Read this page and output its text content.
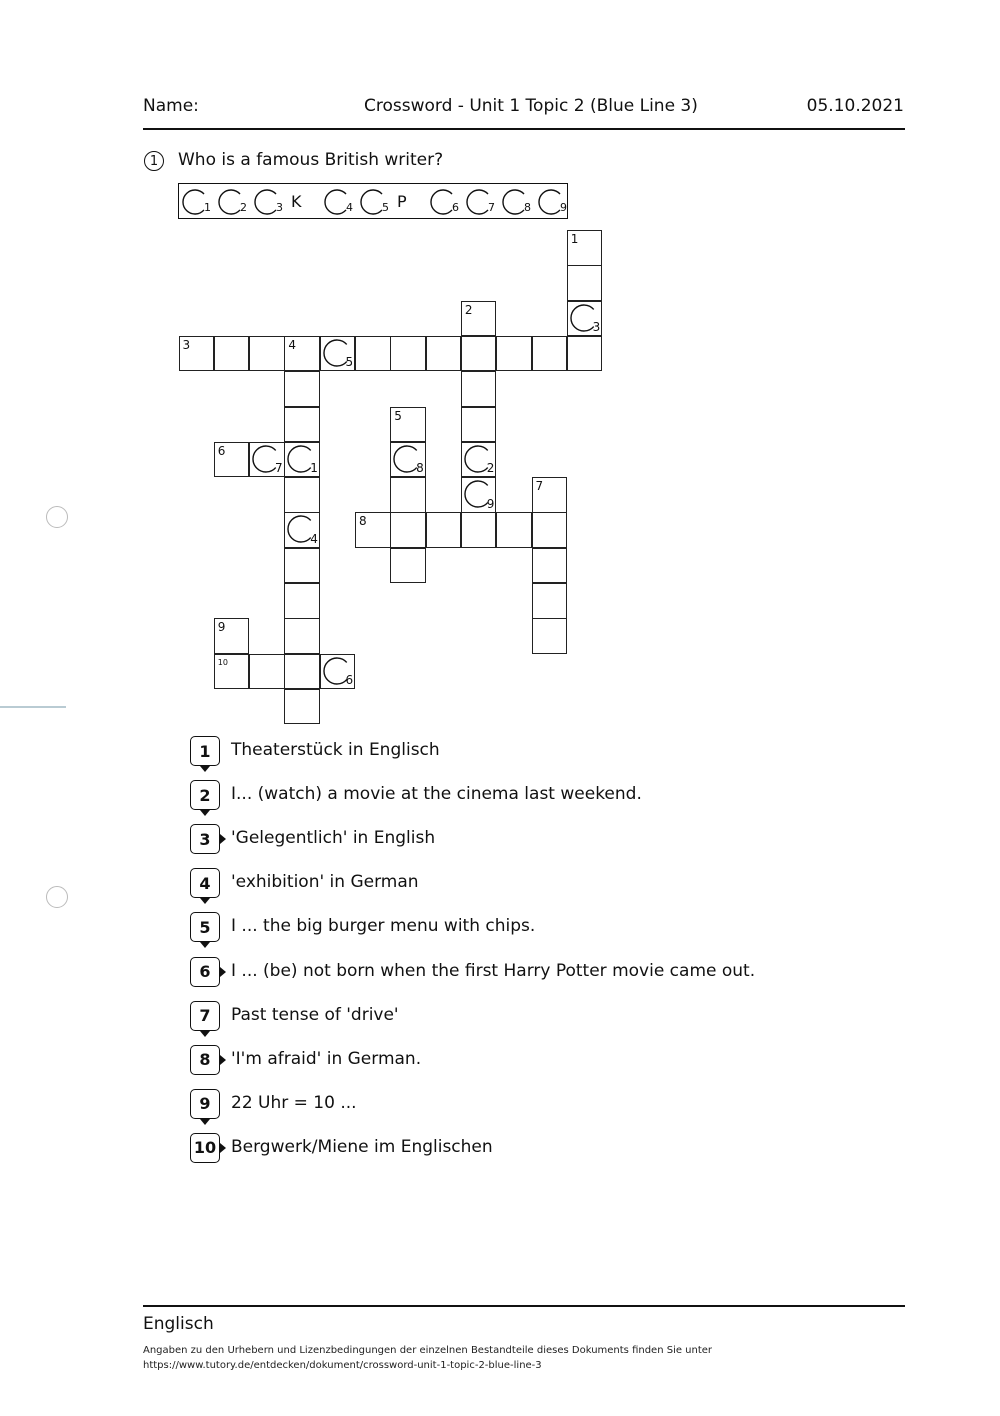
Name:	Crossword - Unit 1 Topic 2 (Blue Line 3)	05.10.2021
1	Who is a famous British writer?
1	2	3 K	4	5 P	6	7	8	9
1
3
2
3	4
5
5
6
7 1	8	2
9
7
4
8
9
10
6
1	Theaterstück in Englisch
2	I... (watch) a movie at the cinema last weekend.
3	'Gelegentlich' in English
4	'exhibition' in German
5	I ... the big burger menu with chips.
6	I ... (be) not born when the first Harry Potter movie came out.
7	Past tense of 'drive'
8	'I'm afraid' in German.
9	22 Uhr = 10 ...
10 Bergwerk/Miene im Englischen
Englisch
Angaben zu den Urhebern und Lizenzbedingungen der einzelnen Bestandteile dieses Dokuments finden Sie unter
https://www.tutory.de/entdecken/dokument/crossword-unit-1-topic-2-blue-line-3
